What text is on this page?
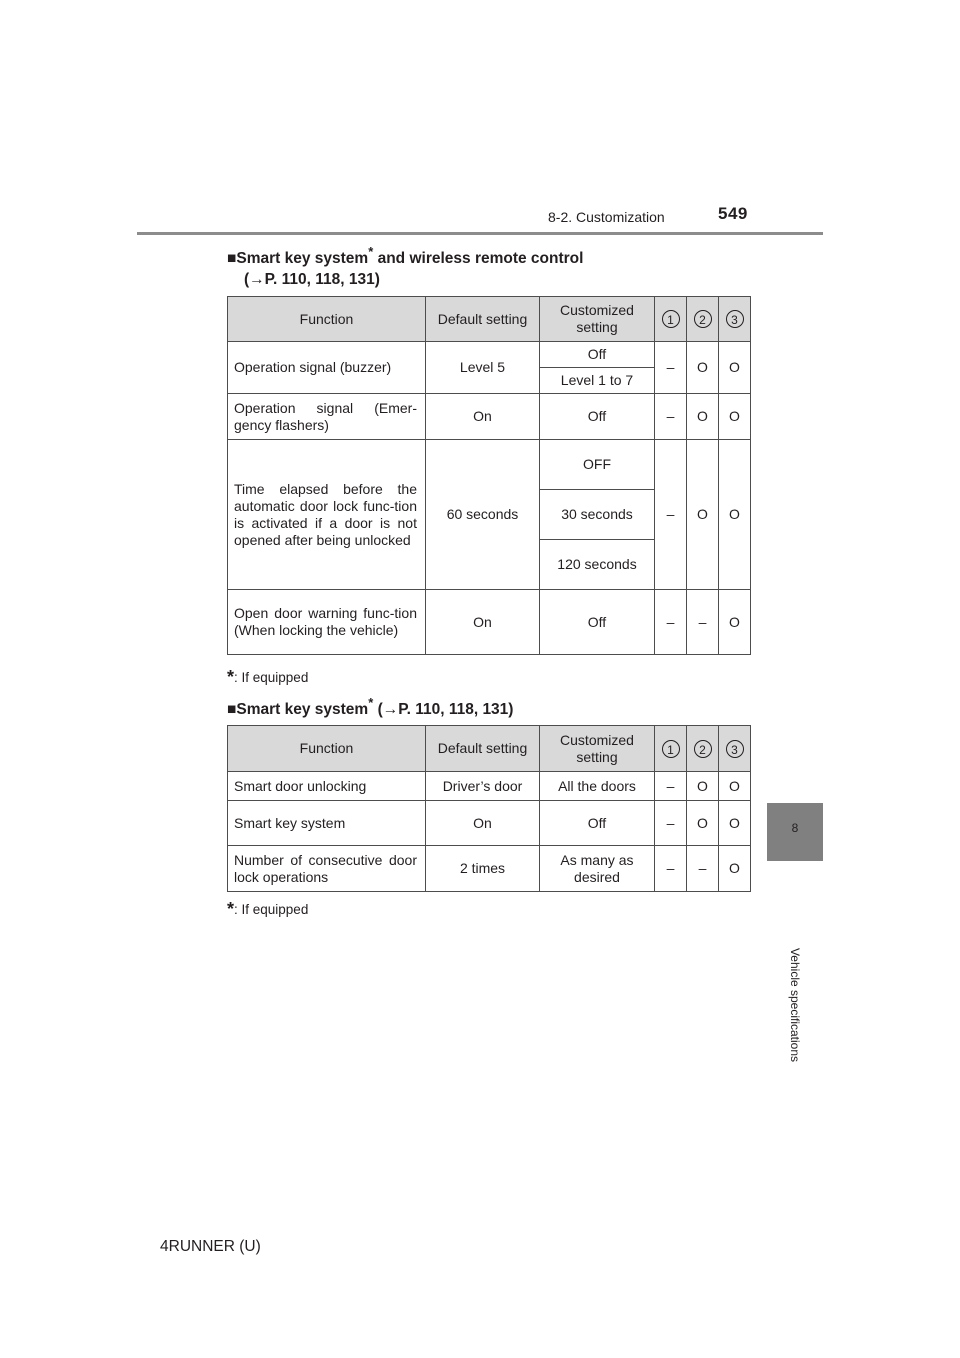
8-2. Customization	549
8
Vehicle specifications
■Smart key system* and wireless remote control
(→P. 110, 118, 131)
Function	Default setting	Customized setting	1	2	3
Operation signal (buzzer)	Level 5	Off	–	O	O
		Level 1 to 7			
Operation signal (Emer-gency flashers)	On	Off	–	O	O
Time elapsed before the automatic door lock func-tion is activated if a door is not opened after being unlocked	60 seconds	OFF	–	O	O
		30 seconds			
		120 seconds			
Open door warning func-tion (When locking the vehicle)	On	Off	–	–	O
*: If equipped
■Smart key system* (→P. 110, 118, 131)
Function	Default setting	Customized setting	1	2	3
Smart door unlocking	Driver’s door	All the doors	–	O	O
Smart key system	On	Off	–	O	O
Number of consecutive door lock operations	2 times	As many as desired	–	–	O
*: If equipped
4RUNNER (U)
